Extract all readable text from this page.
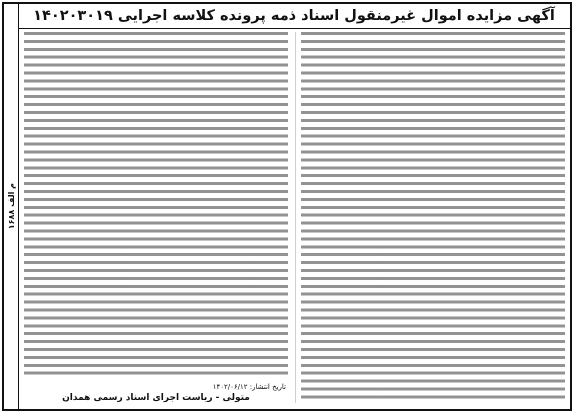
۱۶۸۸ م الف
آگهی مزایده اموال غیرمنقول اسناد ذمه پرونده کلاسه اجرایی ۱۴۰۲۰۳۰۱۹
تاریخ انتشار: ۱۴۰۲/۰۶/۱۲
متولی - ریاست اجرای اسناد رسمی همدان
